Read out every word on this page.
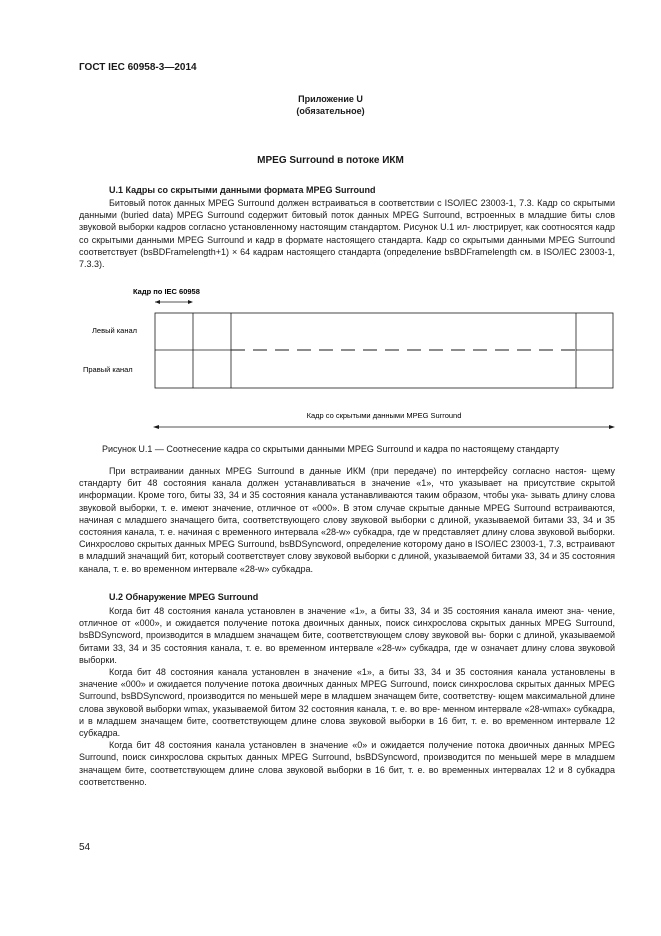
ГОСТ IEC 60958-3—2014
Приложение U
(обязательное)
MPEG Surround в потоке ИКМ
U.1 Кадры со скрытыми данными формата MPEG Surround

Битовый поток данных MPEG Surround должен встраиваться в соответствии с ISO/IEC 23003-1, 7.3. Кадр со скрытыми данными (buried data) MPEG Surround содержит битовый поток данных MPEG Surround, встроенных в младшие биты слов звуковой выборки кадров согласно установленному настоящим стандартом. Рисунок U.1 ил- люстрирует, как соотносятся кадр со скрытыми данными MPEG Surround и кадр в формате настоящего стандарта. Кадр со скрытыми данными MPEG Surround соответствует (bsBDFramelength+1) × 64 кадрам настоящего стандарта (определение bsBDFramelength см. в ISO/IEC 23003-1, 7.3.3).

Кадр по IEC 60958
Левый канал
Правый канал
Кадр со скрытыми данными MPEG Surround
Рисунок U.1 — Соотнесение кадра со скрытыми данными MPEG Surround и кадра по настоящему стандарту

При встраивании данных MPEG Surround в данные ИКМ (при передаче) по интерфейсу согласно настоя- щему стандарту бит 48 состояния канала должен устанавливаться в значение «1», что указывает на присутствие скрытой информации. Кроме того, биты 33, 34 и 35 состояния канала устанавливаются таким образом, чтобы ука- зывать длину слова звуковой выборки, т. е. имеют значение, отличное от «000». В этом случае скрытые данные MPEG Surround встраиваются, начиная с младшего значащего бита, соответствующего слову звуковой выборки с длиной, указываемой битами 33, 34 и 35 состояния канала, т. е. начиная с временного интервала «28-w» субкадра, где w представляет длину слова звуковой выборки. Синхрослово скрытых данных MPEG Surround, bsBDSyncword, определение которому дано в ISO/IEC 23003-1, 7.3, встраивают в младший значащий бит, который соответствует слову звуковой выборки с длиной, указываемой битами 33, 34 и 35 состояния канала, т. е. во временном интервале «28-w» субкадра.

U.2 Обнаружение MPEG Surround

Когда бит 48 состояния канала установлен в значение «1», а биты 33, 34 и 35 состояния канала имеют зна- чение, отличное от «000», и ожидается получение потока двоичных данных, поиск синхрослова скрытых данных MPEG Surround, bsBDSyncword, производится в младшем значащем бите, соответствующем слову звуковой вы- борки с длиной, указываемой битами 33, 34 и 35 состояния канала, т. е. во временном интервале «28-w» субкадра, где w означает длину слова звуковой выборки.

Когда бит 48 состояния канала установлен в значение «1», а биты 33, 34 и 35 состояния канала установлены в значение «000» и ожидается получение потока двоичных данных MPEG Surround, поиск синхрослова скрытых данных MPEG Surround, bsBDSyncword, производится по меньшей мере в младшем значащем бите, соответству- ющем максимальной длине слова звуковой выборки wmax, указываемой битом 32 состояния канала, т. е. во вре- менном интервале «28-wmax» субкадра, и в младшем значащем бите, соответствующем длине слова звуковой выборки в 16 бит, т. е. во временном интервале 12 субкадра.

Когда бит 48 состояния канала установлен в значение «0» и ожидается получение потока двоичных данных MPEG Surround, поиск синхрослова скрытых данных MPEG Surround, bsBDSyncword, производится по меньшей мере в младшем значащем бите, соответствующем длине слова звуковой выборки в 16 бит, т. е. во временных интервалах 12 и 8 субкадра соответственно.

54
